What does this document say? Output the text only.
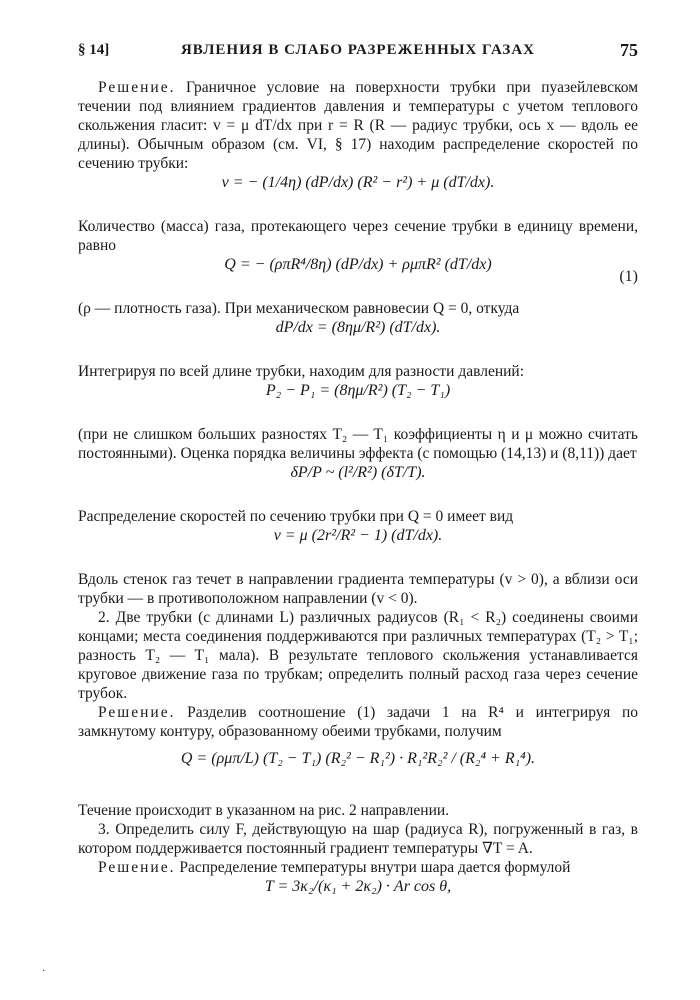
§ 14]	ЯВЛЕНИЯ В СЛАБО РАЗРЕЖЕННЫХ ГАЗАХ	75

Решение. Граничное условие на поверхности трубки при пуазейлевском течении под влиянием градиентов давления и температуры с учетом теплового скольжения гласит: v = μ dT/dx при r = R (R — радиус трубки, ось x — вдоль ее длины). Обычным образом (см. VI, § 17) находим распределение скоростей по сечению трубки:

v = − (1/4η) (dP/dx) (R² − r²) + μ (dT/dx).

Количество (масса) газа, протекающего через сечение трубки в единицу времени, равно

Q = − (ρπR⁴/8η) (dP/dx) + ρμπR² (dT/dx)
(1)

(ρ — плотность газа). При механическом равновесии Q = 0, откуда

dP/dx = (8ημ/R²) (dT/dx).

Интегрируя по всей длине трубки, находим для разности давлений:

P₂ − P₁ = (8ημ/R²) (T₂ − T₁)

(при не слишком больших разностях T₂ — T₁ коэффициенты η и μ можно считать постоянными). Оценка порядка величины эффекта (с помощью (14,13) и (8,11)) дает

δP/P ~ (l²/R²) (δT/T).

Распределение скоростей по сечению трубки при Q = 0 имеет вид

v = μ (2r²/R² − 1) (dT/dx).

Вдоль стенок газ течет в направлении градиента температуры (v > 0), а вблизи оси трубки — в противоположном направлении (v < 0).

2. Две трубки (с длинами L) различных радиусов (R₁ < R₂) соединены своими концами; места соединения поддерживаются при различных температурах (T₂ > T₁; разность T₂ — T₁ мала). В результате теплового скольжения устанавливается круговое движение газа по трубкам; определить полный расход газа через сечение трубок.

Решение. Разделив соотношение (1) задачи 1 на R⁴ и интегрируя по замкнутому контуру, образованному обеими трубками, получим

Q = (ρμπ/L) (T₂ − T₁) (R₂² − R₁²) · R₁²R₂² / (R₂⁴ + R₁⁴).

Течение происходит в указанном на рис. 2 направлении.

3. Определить силу F, действующую на шар (радиуса R), погруженный в газ, в котором поддерживается постоянный градиент температуры ∇T = A.

Решение. Распределение температуры внутри шара дается формулой

T = 3κ₂/(κ₁ + 2κ₂) · Ar cos θ,
·
